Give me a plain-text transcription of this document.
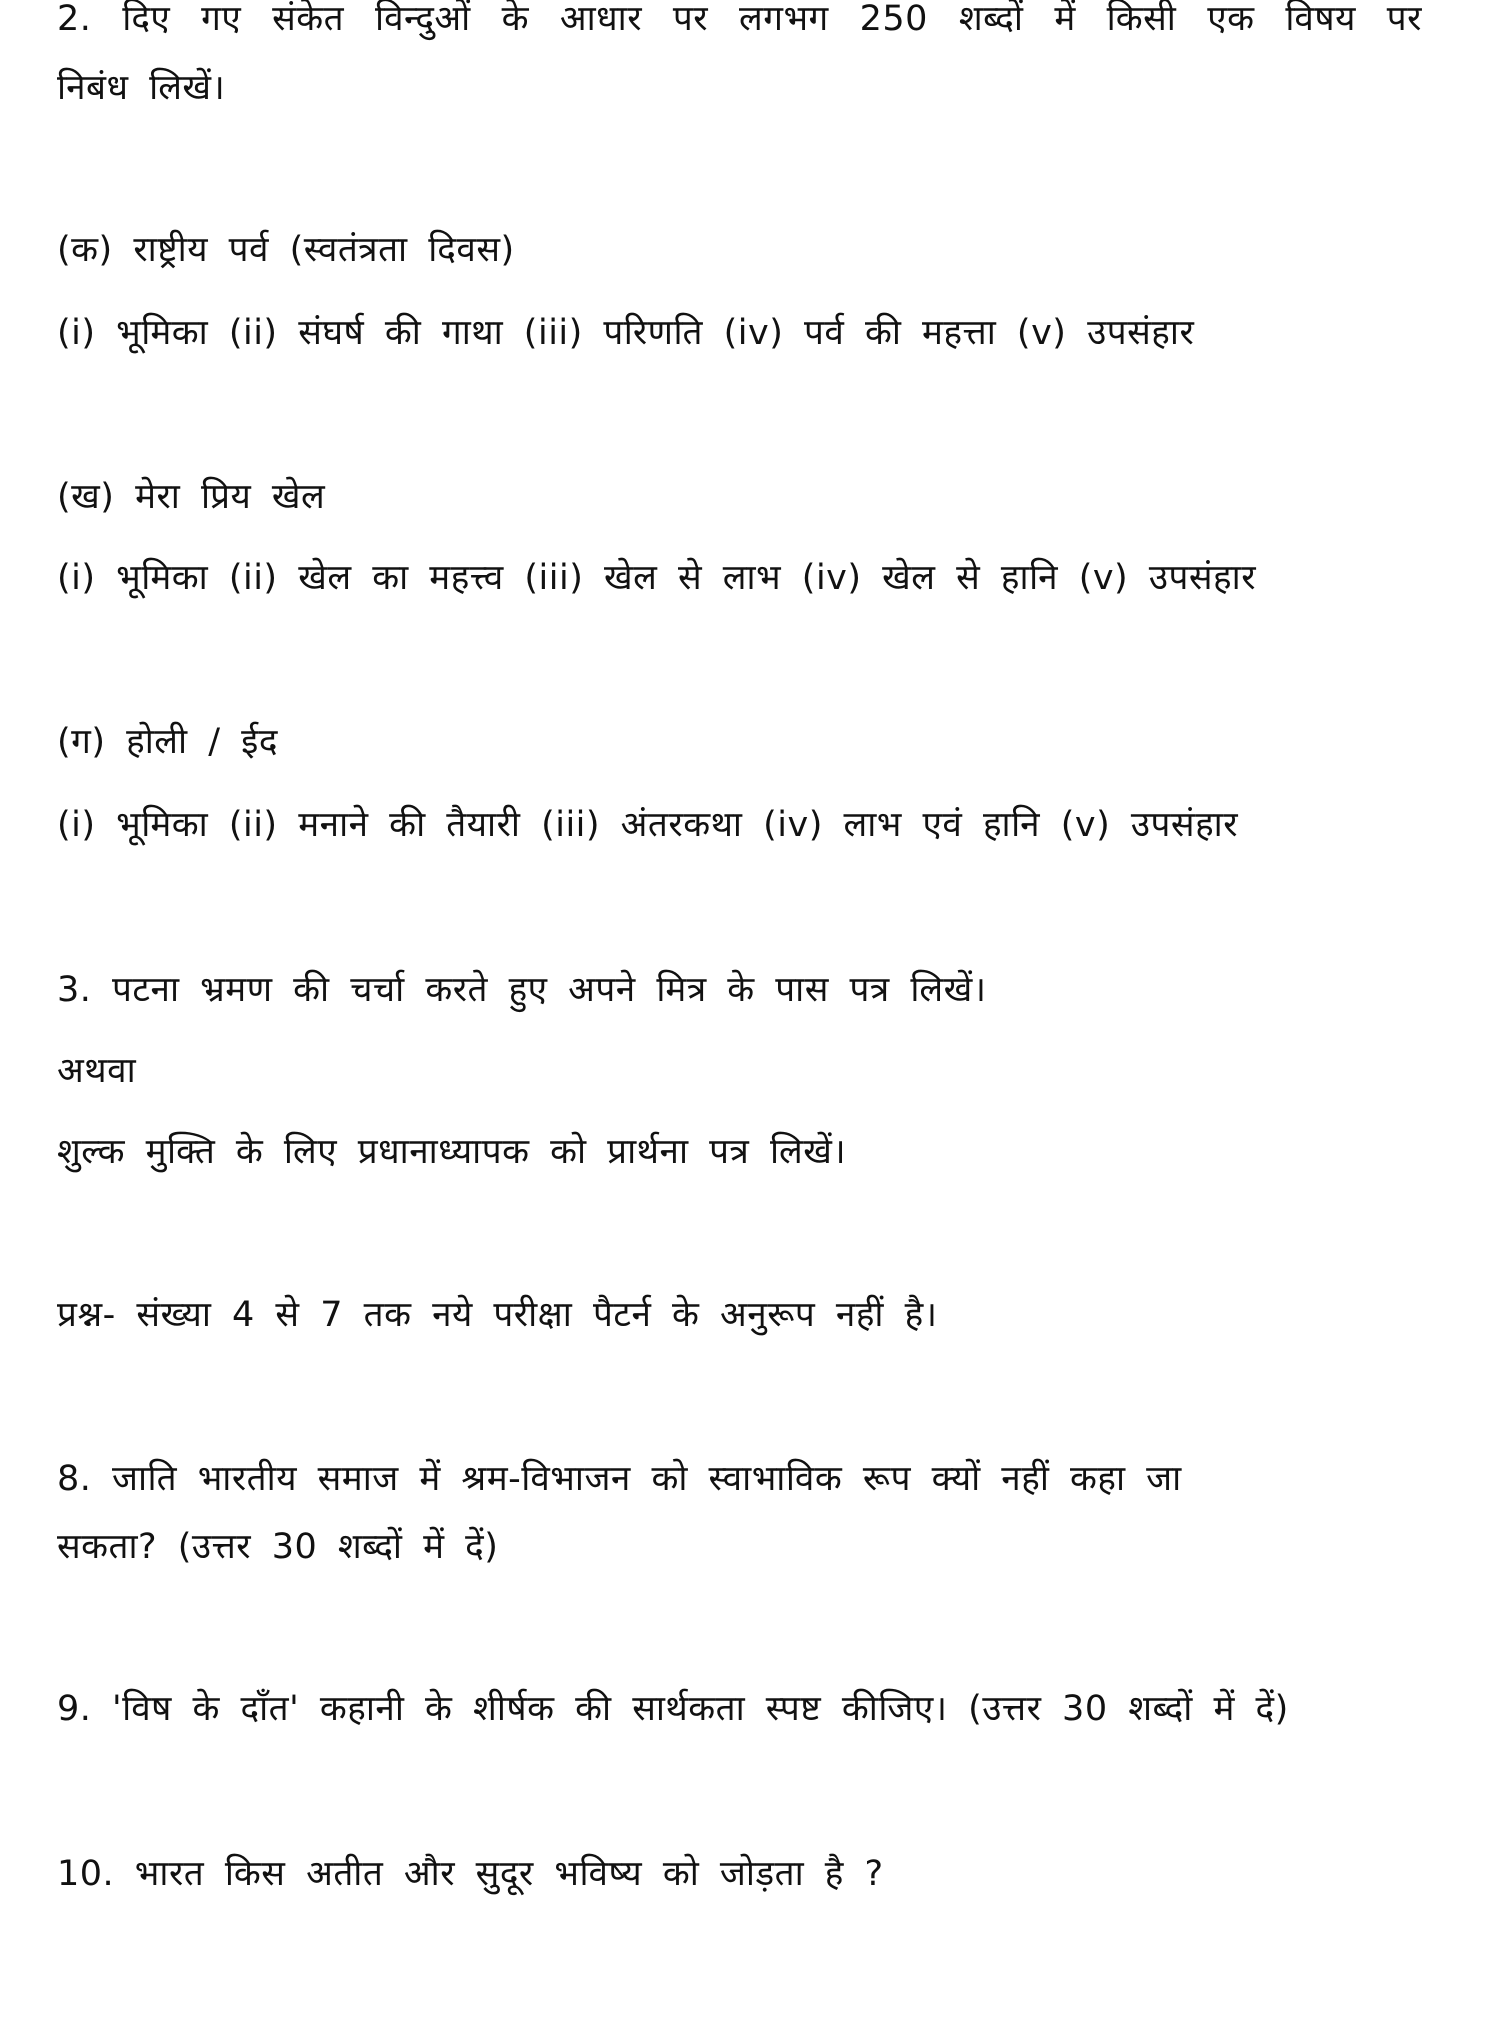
2. दिए गए संकेत विन्दुओं के आधार पर लगभग 250 शब्दों में किसी एक विषय पर
निबंध लिखें।
(क) राष्ट्रीय पर्व (स्वतंत्रता दिवस)
(i) भूमिका (ii) संघर्ष की गाथा (iii) परिणति (iv) पर्व की महत्ता (v) उपसंहार
(ख) मेरा प्रिय खेल
(i) भूमिका (ii) खेल का महत्त्व (iii) खेल से लाभ (iv) खेल से हानि (v) उपसंहार
(ग) होली / ईद
(i) भूमिका (ii) मनाने की तैयारी (iii) अंतरकथा (iv) लाभ एवं हानि (v) उपसंहार
3. पटना भ्रमण की चर्चा करते हुए अपने मित्र के पास पत्र लिखें।
अथवा
शुल्क मुक्ति के लिए प्रधानाध्यापक को प्रार्थना पत्र लिखें।
प्रश्न- संख्या 4 से 7 तक नये परीक्षा पैटर्न के अनुरूप नहीं है।
8. जाति भारतीय समाज में श्रम-विभाजन को स्वाभाविक रूप क्यों नहीं कहा जा
सकता? (उत्तर 30 शब्दों में दें)
9. 'विष के दाँत' कहानी के शीर्षक की सार्थकता स्पष्ट कीजिए। (उत्तर 30 शब्दों में दें)
10. भारत किस अतीत और सुदूर भविष्य को जोड़ता है ?
